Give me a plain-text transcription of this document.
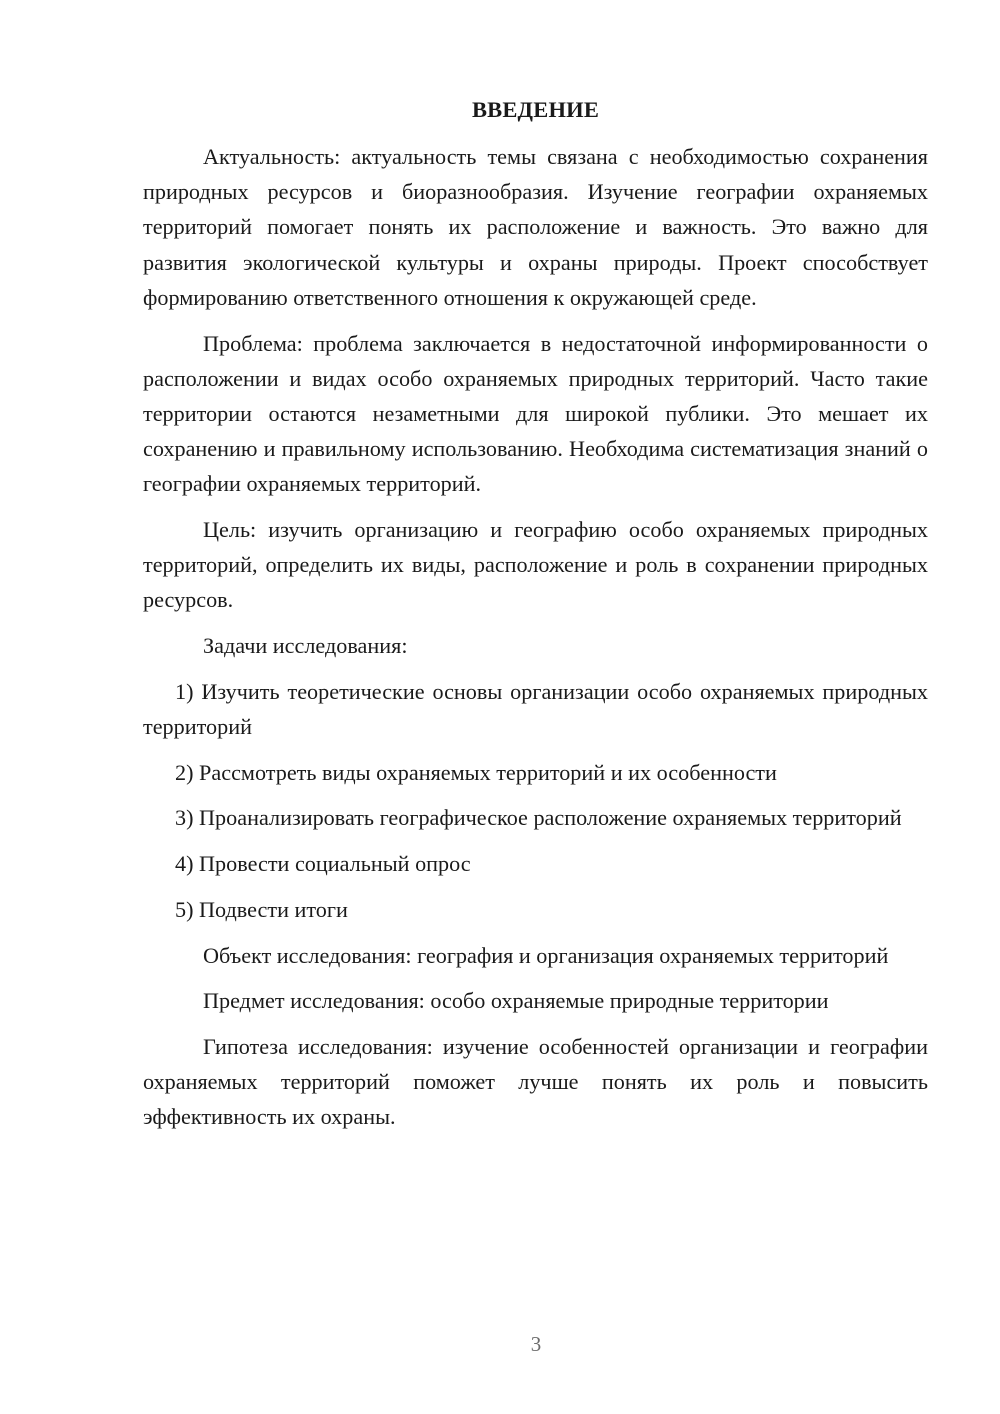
ВВЕДЕНИЕ

Актуальность: актуальность темы связана с необходимостью сохранения природных ресурсов и биоразнообразия. Изучение географии охраняемых территорий помогает понять их расположение и важность. Это важно для развития экологической культуры и охраны природы. Проект способствует формированию ответственного отношения к окружающей среде.

Проблема: проблема заключается в недостаточной информированности о расположении и видах особо охраняемых природных территорий. Часто такие территории остаются незаметными для широкой публики. Это мешает их сохранению и правильному использованию. Необходима систематизация знаний о географии охраняемых территорий.

Цель: изучить организацию и географию особо охраняемых природных территорий, определить их виды, расположение и роль в сохранении природных ресурсов.

Задачи исследования:

1) Изучить теоретические основы организации особо охраняемых природных территорий

2) Рассмотреть виды охраняемых территорий и их особенности

3) Проанализировать географическое расположение охраняемых территорий

4) Провести социальный опрос

5) Подвести итоги

Объект исследования: география и организация охраняемых территорий

Предмет исследования: особо охраняемые природные территории

Гипотеза исследования: изучение особенностей организации и географии охраняемых территорий поможет лучше понять их роль и повысить эффективность их охраны.

3
